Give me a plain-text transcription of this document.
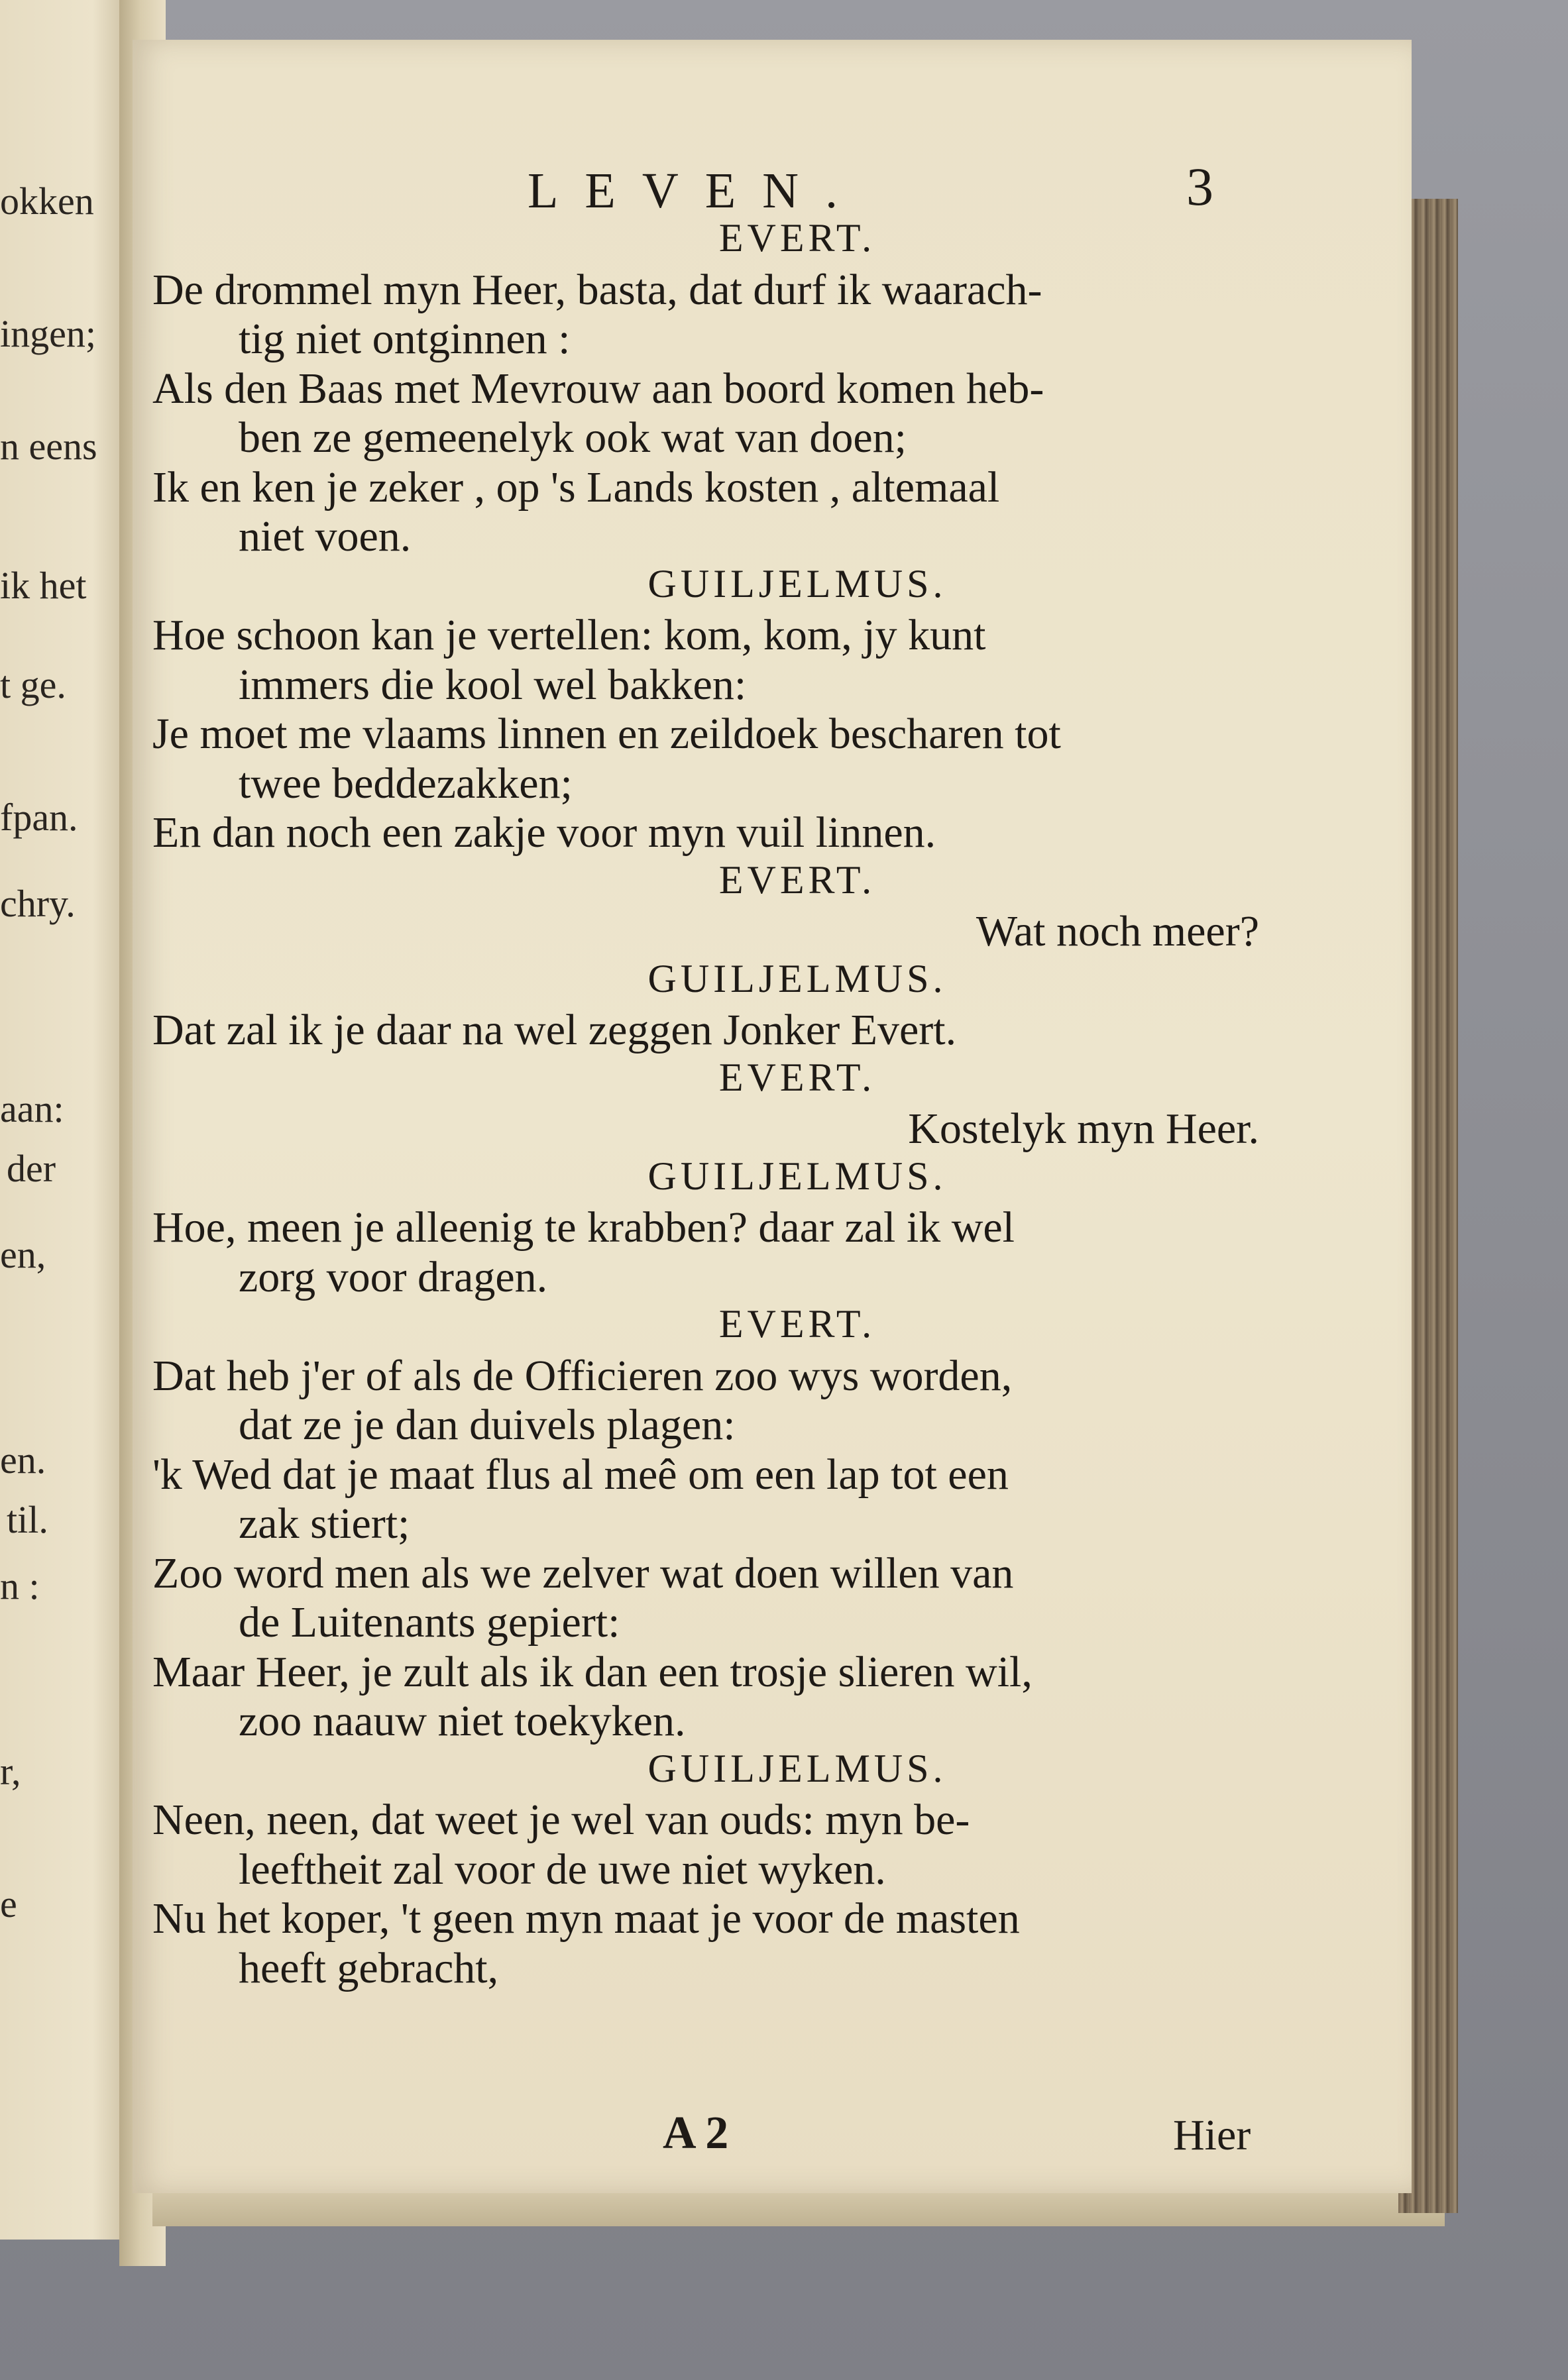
okken
ingen;
n eens
ik het
t ge.
fpan.
chry.
aan:
der
en,
en.
til.
n :
r,
e
LEVEN.	3
EVERT.
De drommel myn Heer, basta, dat durf ik waarach-
tig niet ontginnen :
Als den Baas met Mevrouw aan boord komen heb-
ben ze gemeenelyk ook wat van doen;
Ik en ken je zeker , op 's Lands kosten , altemaal
niet voen.
GUILJELMUS.
Hoe schoon kan je vertellen: kom, kom, jy kunt
immers die kool wel bakken:
Je moet me vlaams linnen en zeildoek bescharen tot
twee beddezakken;
En dan noch een zakje voor myn vuil linnen.
EVERT.
Wat noch meer?
GUILJELMUS.
Dat zal ik je daar na wel zeggen Jonker Evert.
EVERT.
Kostelyk myn Heer.
GUILJELMUS.
Hoe, meen je alleenig te krabben? daar zal ik wel
zorg voor dragen.
EVERT.
Dat heb j'er of als de Officieren zoo wys worden,
dat ze je dan duivels plagen:
'k Wed dat je maat flus al meê om een lap tot een
zak stiert;
Zoo word men als we zelver wat doen willen van
de Luitenants gepiert:
Maar Heer, je zult als ik dan een trosje slieren wil,
zoo naauw niet toekyken.
GUILJELMUS.
Neen, neen, dat weet je wel van ouds: myn be-
leeftheit zal voor de uwe niet wyken.
Nu het koper, 't geen myn maat je voor de masten
heeft gebracht,
A 2	Hier
